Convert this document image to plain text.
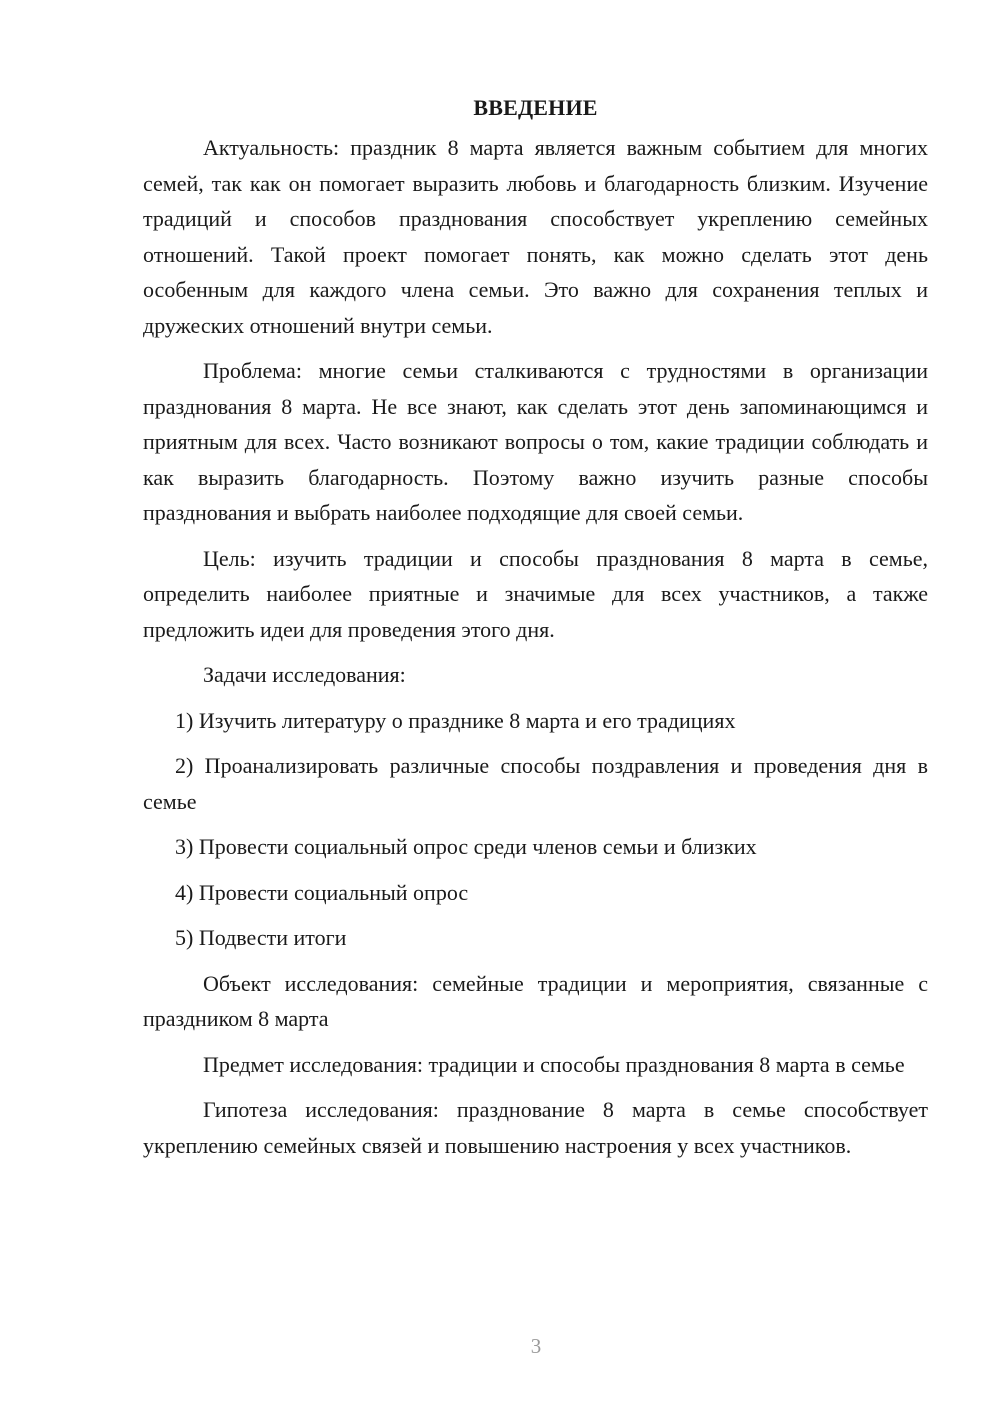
ВВЕДЕНИЕ

Актуальность: праздник 8 марта является важным событием для многих семей, так как он помогает выразить любовь и благодарность близким. Изучение традиций и способов празднования способствует укреплению семейных отношений. Такой проект помогает понять, как можно сделать этот день особенным для каждого члена семьи. Это важно для сохранения теплых и дружеских отношений внутри семьи.

Проблема: многие семьи сталкиваются с трудностями в организации празднования 8 марта. Не все знают, как сделать этот день запоминающимся и приятным для всех. Часто возникают вопросы о том, какие традиции соблюдать и как выразить благодарность. Поэтому важно изучить разные способы празднования и выбрать наиболее подходящие для своей семьи.

Цель: изучить традиции и способы празднования 8 марта в семье, определить наиболее приятные и значимые для всех участников, а также предложить идеи для проведения этого дня.

Задачи исследования:

1) Изучить литературу о празднике 8 марта и его традициях

2) Проанализировать различные способы поздравления и проведения дня в семье

3) Провести социальный опрос среди членов семьи и близких

4) Провести социальный опрос

5) Подвести итоги

Объект исследования: семейные традиции и мероприятия, связанные с праздником 8 марта

Предмет исследования: традиции и способы празднования 8 марта в семье

Гипотеза исследования: празднование 8 марта в семье способствует укреплению семейных связей и повышению настроения у всех участников.

3
